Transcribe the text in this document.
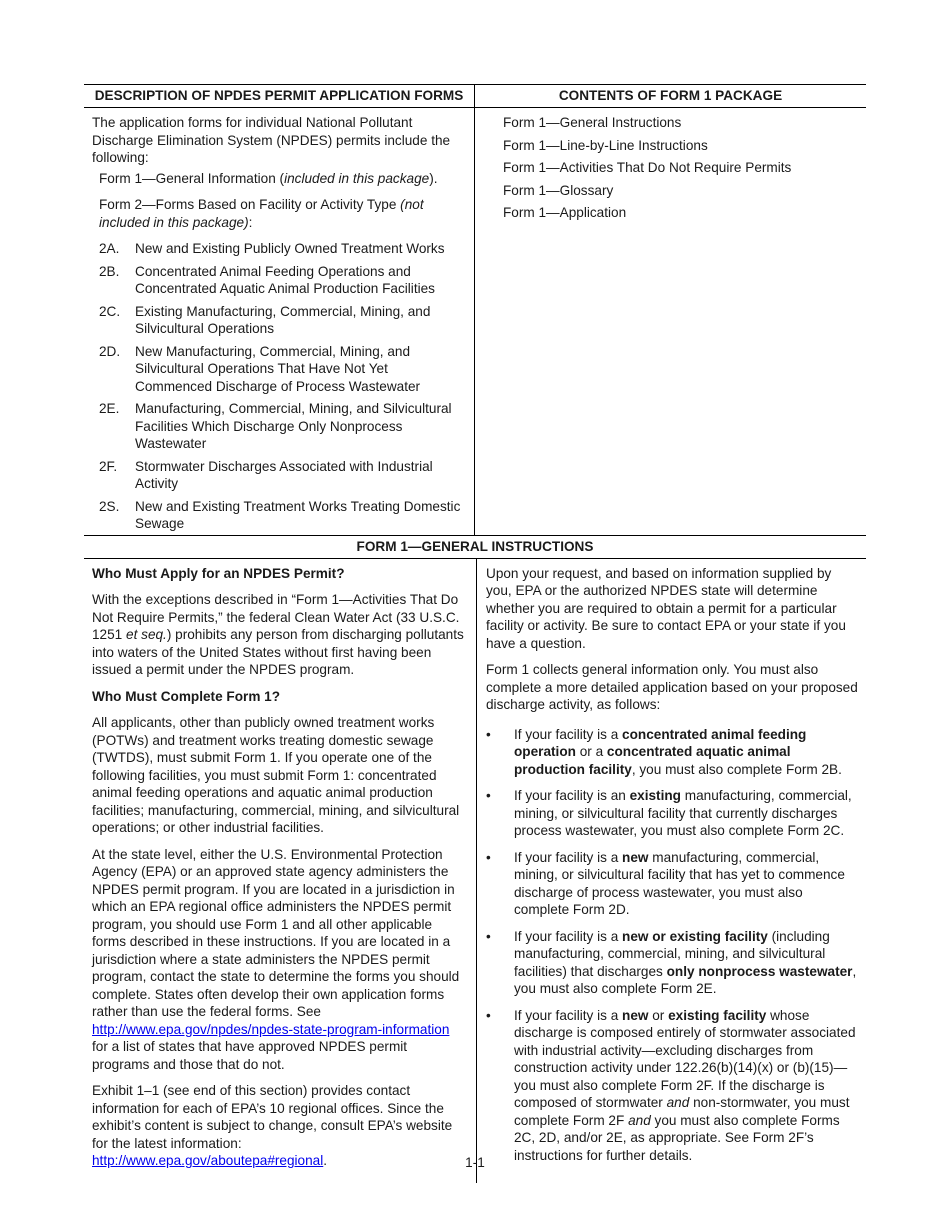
DESCRIPTION OF NPDES PERMIT APPLICATION FORMS	CONTENTS OF FORM 1 PACKAGE

The application forms for individual National Pollutant Discharge Elimination System (NPDES) permits include the following:

Form 1—General Information (included in this package).

Form 2—Forms Based on Facility or Activity Type (not included in this package):

2A.	New and Existing Publicly Owned Treatment Works
2B.	Concentrated Animal Feeding Operations and Concentrated Aquatic Animal Production Facilities
2C.	Existing Manufacturing, Commercial, Mining, and Silvicultural Operations
2D.	New Manufacturing, Commercial, Mining, and Silvicultural Operations That Have Not Yet Commenced Discharge of Process Wastewater
2E.	Manufacturing, Commercial, Mining, and Silvicultural Facilities Which Discharge Only Nonprocess Wastewater
2F.	Stormwater Discharges Associated with Industrial Activity
2S.	New and Existing Treatment Works Treating Domestic Sewage
Form 1—General Instructions
Form 1—Line-by-Line Instructions
Form 1—Activities That Do Not Require Permits
Form 1—Glossary
Form 1—Application
FORM 1—GENERAL INSTRUCTIONS
Who Must Apply for an NPDES Permit?

With the exceptions described in “Form 1—Activities That Do Not Require Permits,” the federal Clean Water Act (33 U.S.C. 1251 et seq.) prohibits any person from discharging pollutants into waters of the United States without first having been issued a permit under the NPDES program.

Who Must Complete Form 1?

All applicants, other than publicly owned treatment works (POTWs) and treatment works treating domestic sewage (TWTDS), must submit Form 1. If you operate one of the following facilities, you must submit Form 1: concentrated animal feeding operations and aquatic animal production facilities; manufacturing, commercial, mining, and silvicultural operations; or other industrial facilities.

At the state level, either the U.S. Environmental Protection Agency (EPA) or an approved state agency administers the NPDES permit program. If you are located in a jurisdiction in which an EPA regional office administers the NPDES permit program, you should use Form 1 and all other applicable forms described in these instructions. If you are located in a jurisdiction where a state administers the NPDES permit program, contact the state to determine the forms you should complete. States often develop their own application forms rather than use the federal forms. See http://www.epa.gov/npdes/npdes-state-program-information for a list of states that have approved NPDES permit programs and those that do not.

Exhibit 1–1 (see end of this section) provides contact information for each of EPA’s 10 regional offices. Since the exhibit’s content is subject to change, consult EPA’s website for the latest information: http://www.epa.gov/aboutepa#regional.

Upon your request, and based on information supplied by you, EPA or the authorized NPDES state will determine whether you are required to obtain a permit for a particular facility or activity. Be sure to contact EPA or your state if you have a question.

Form 1 collects general information only. You must also complete a more detailed application based on your proposed discharge activity, as follows:

• If your facility is a concentrated animal feeding operation or a concentrated aquatic animal production facility, you must also complete Form 2B.
• If your facility is an existing manufacturing, commercial, mining, or silvicultural facility that currently discharges process wastewater, you must also complete Form 2C.
• If your facility is a new manufacturing, commercial, mining, or silvicultural facility that has yet to commence discharge of process wastewater, you must also complete Form 2D.
• If your facility is a new or existing facility (including manufacturing, commercial, mining, and silvicultural facilities) that discharges only nonprocess wastewater, you must also complete Form 2E.
• If your facility is a new or existing facility whose discharge is composed entirely of stormwater associated with industrial activity—excluding discharges from construction activity under 122.26(b)(14)(x) or (b)(15)—you must also complete Form 2F. If the discharge is composed of stormwater and non-stormwater, you must complete Form 2F and you must also complete Forms 2C, 2D, and/or 2E, as appropriate. See Form 2F’s instructions for further details.
1-1
